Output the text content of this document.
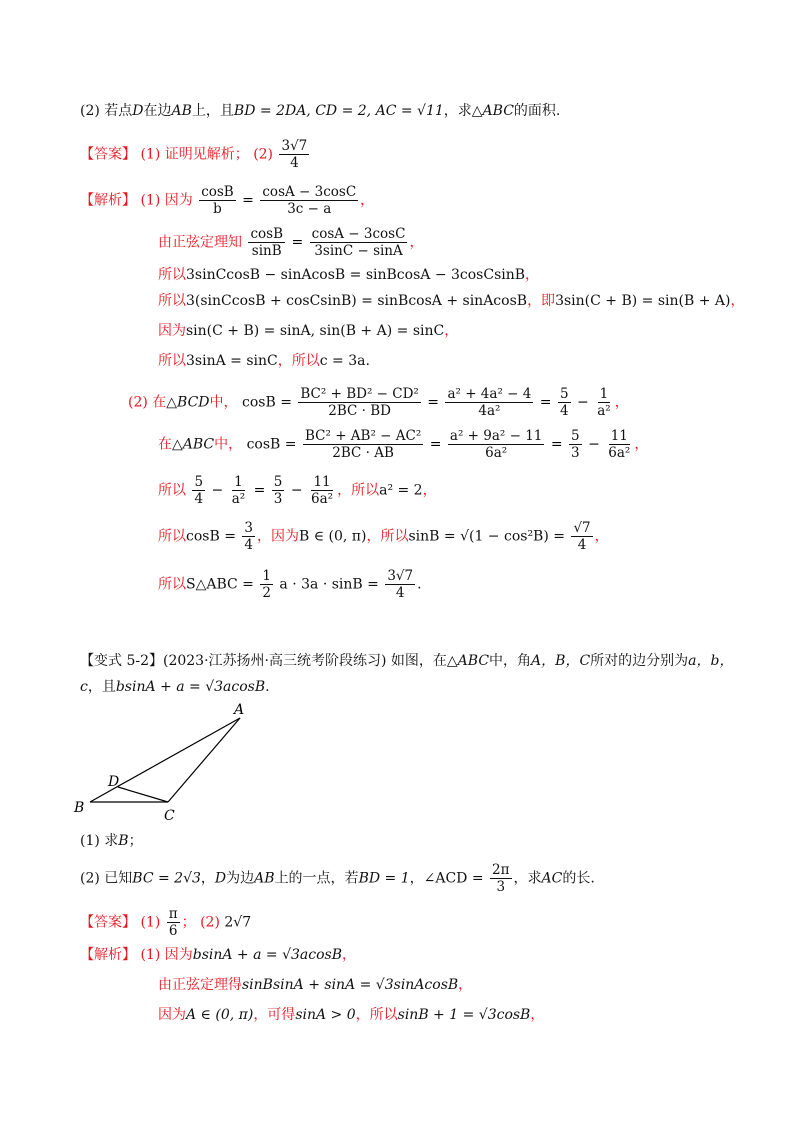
(2) 若点D在边AB上，且BD = 2DA, CD = 2, AC = √11，求△ABC的面积.
【答案】 (1) 证明见解析； $(2) \frac{3√7}{4}$
【解析】 (1) 因为 $\frac{\cos B}{b} = \frac{\cos A - 3\cos C}{3c - a}$ ，
由正弦定理知 $\frac{\cos B}{\sin B} = \frac{\cos A - 3\cos C}{3\sin C - \sin A}$ ，
所以3sinCcosB − sinAcosB = sinBcosA − 3cosCsinB，
所以3(sinCcosB + cosCsinB) = sinBcosA + sinAcosB，即3sin(C + B) = sin(B + A)，
因为sin(C + B) = sinA, sin(B + A) = sinC，
所以3sinA = sinC，所以c = 3a.
(2) 在△BCD中， $\cos B = \frac{\text{BC² + BD² − CD²}}{2BC \cdot BD} = \frac{\text{a² + 4a² − 4}}{\text{4a²}} = \frac{5}{4} - \frac{1}{\text{a²}}$ ，
在△ABC中， $\cos B = \frac{\text{BC² + AB² − AC²}}{2BC \cdot AB} = \frac{\text{a² + 9a² − 11}}{\text{6a²}} = \frac{5}{3} - \frac{11}{\text{6a²}}$ ，
所以 $\frac{5}{4} - \frac{1}{\text{a²}} = \frac{5}{3} - \frac{11}{\text{6a²}}$ ，所以a² = 2，
所以$\cos B = \frac{3}{4}$ ，因为B ∈ (0, π)，所以$\sin B = √(1 - \cos^2B) = \frac{√7}{4}$ ，
所以S△ABC = $\frac{1}{2}$ $a \cdot 3a \cdot \sin B = \frac{3√7}{4}$ .
【变式 5-2】(2023·江苏扬州·高三统考阶段练习) 如图，在△ABC中，角A，B，C所对的边分别为a，b，
c，且bsinA + a = √3acosB.
A
B	C
D
(1) 求B；
(2) 已知BC = 2√3，D为边AB上的一点，若BD = 1，∠ACD = $\frac{2\pi}{3}$ ，求AC的长.
【答案】 $(1) \frac{\pi}{6}$ ； (2) 2√7
【解析】 (1) 因为bsinA + a = √3acosB，
由正弦定理得sinBsinA + sinA = √3sinAcosB，
因为A ∈ (0, π)，可得sinA > 0，所以sinB + 1 = √3cosB，
